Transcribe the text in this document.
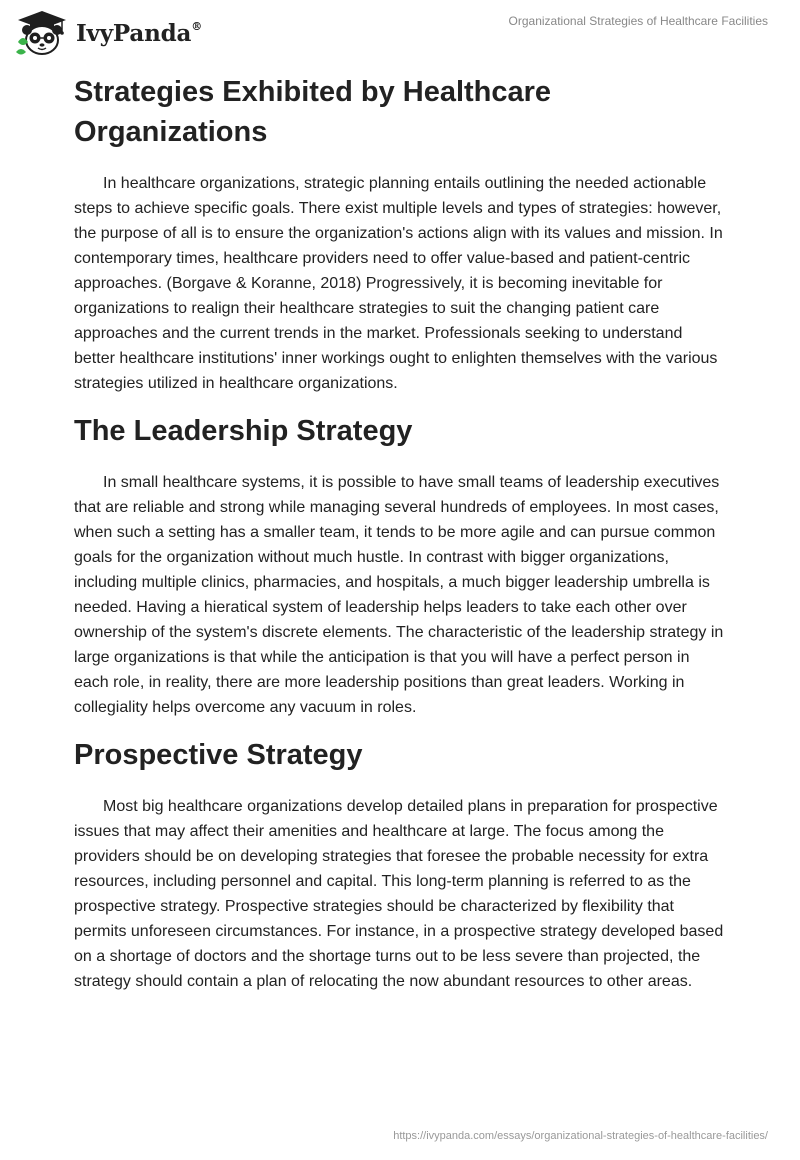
IvyPanda®	Organizational Strategies of Healthcare Facilities
Strategies Exhibited by Healthcare Organizations

In healthcare organizations, strategic planning entails outlining the needed actionable steps to achieve specific goals. There exist multiple levels and types of strategies: however, the purpose of all is to ensure the organization's actions align with its values and mission. In contemporary times, healthcare providers need to offer value-based and patient-centric approaches. (Borgave & Koranne, 2018) Progressively, it is becoming inevitable for organizations to realign their healthcare strategies to suit the changing patient care approaches and the current trends in the market. Professionals seeking to understand better healthcare institutions' inner workings ought to enlighten themselves with the various strategies utilized in healthcare organizations.

The Leadership Strategy

In small healthcare systems, it is possible to have small teams of leadership executives that are reliable and strong while managing several hundreds of employees. In most cases, when such a setting has a smaller team, it tends to be more agile and can pursue common goals for the organization without much hustle. In contrast with bigger organizations, including multiple clinics, pharmacies, and hospitals, a much bigger leadership umbrella is needed. Having a hieratical system of leadership helps leaders to take each other over ownership of the system's discrete elements. The characteristic of the leadership strategy in large organizations is that while the anticipation is that you will have a perfect person in each role, in reality, there are more leadership positions than great leaders. Working in collegiality helps overcome any vacuum in roles.

Prospective Strategy

Most big healthcare organizations develop detailed plans in preparation for prospective issues that may affect their amenities and healthcare at large. The focus among the providers should be on developing strategies that foresee the probable necessity for extra resources, including personnel and capital. This long-term planning is referred to as the prospective strategy. Prospective strategies should be characterized by flexibility that permits unforeseen circumstances. For instance, in a prospective strategy developed based on a shortage of doctors and the shortage turns out to be less severe than projected, the strategy should contain a plan of relocating the now abundant resources to other areas.

https://ivypanda.com/essays/organizational-strategies-of-healthcare-facilities/
